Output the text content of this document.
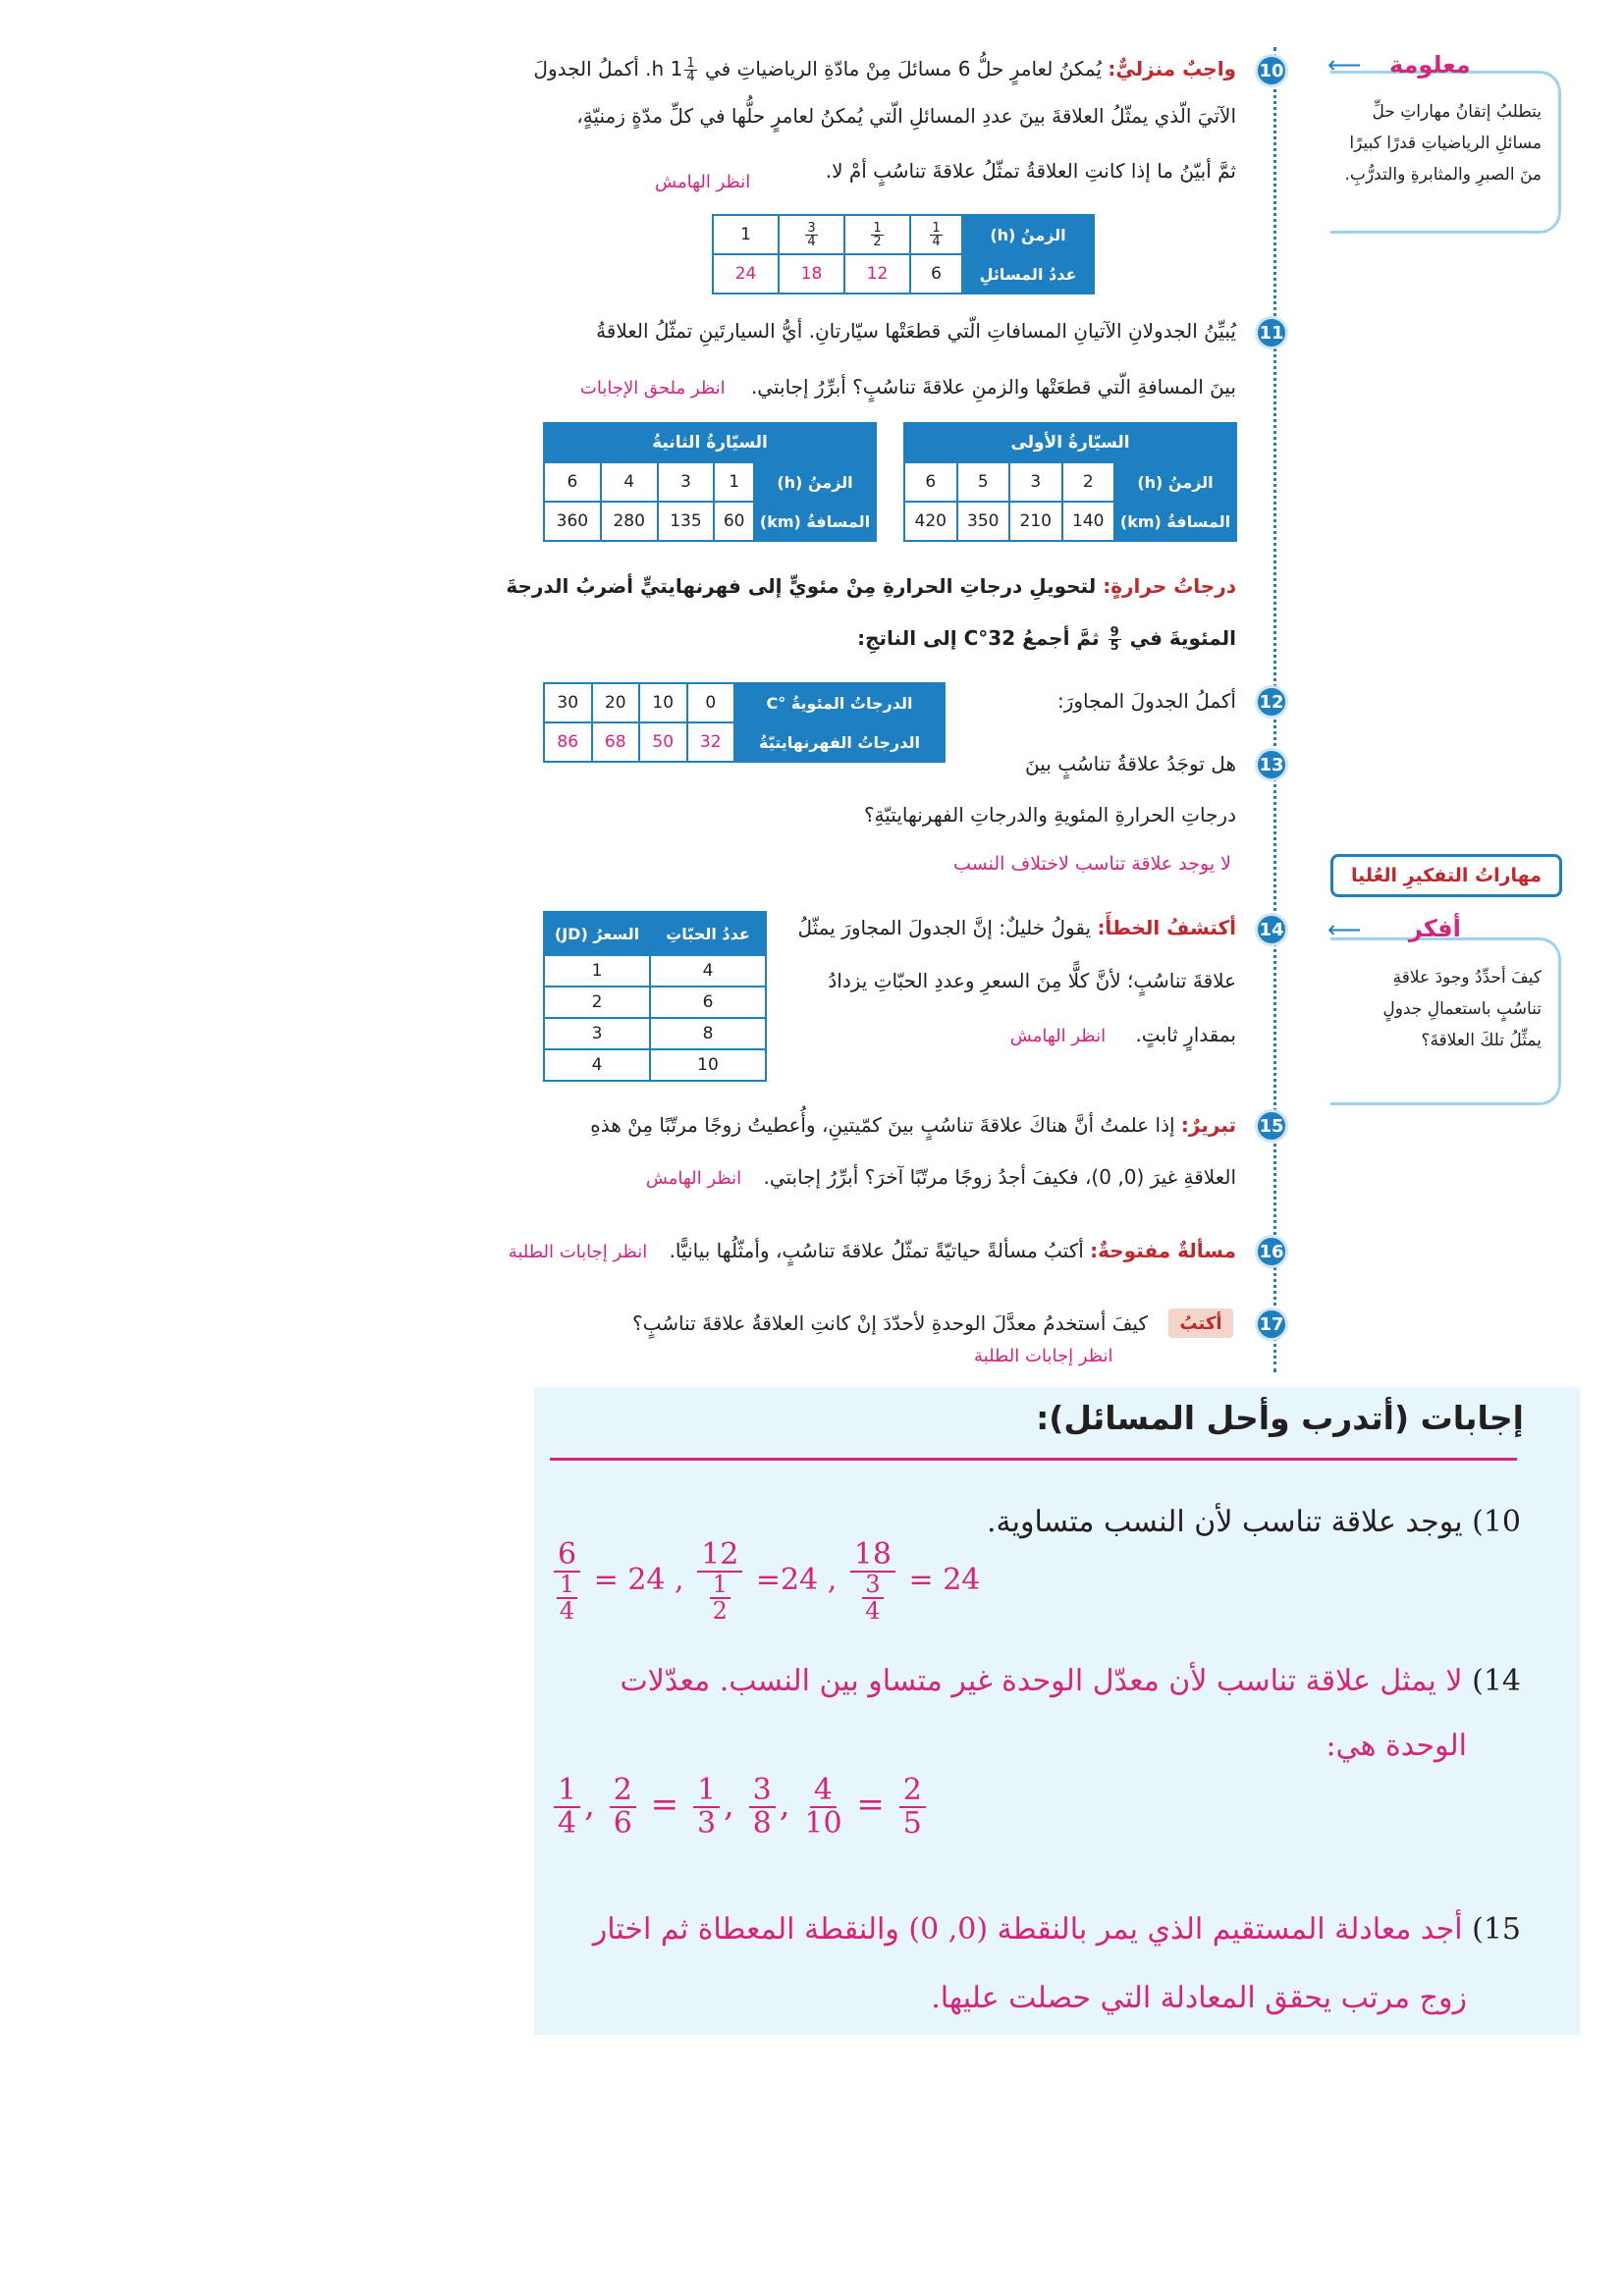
⟵ معلومة
يتطلبُ إتقانُ مهاراتِ حلِّ
مسائلِ الرياضياتِ قدرًا كبيرًا
منَ الصبرِ والمثابرةِ والتدرُّبِ.
مهاراتُ التفكيرِ العُليا
⟵ أفكر
كيفَ أحدِّدُ وجودَ علاقةِ
تناسُبٍ باستعمالِ جدولٍ
يمثِّلُ تلكَ العلاقةَ؟
10
واجبٌ منزليٌّ: يُمكنُ لعامرٍ حلُّ 6 مسائلَ مِنْ مادّةِ الرياضياتِ في
$\frac{1}{4}$
1 h. أكملُ الجدولَ
الآتيَ الّذي يمثّلُ العلاقةَ بينَ عددِ المسائلِ الّتي يُمكنُ لعامرٍ حلُّها في كلِّ مدّةٍ زمنيّةٍ،
ثمَّ أبيّنُ ما إذا كانتِ العلاقةُ تمثّلُ علاقةَ تناسُبٍ أمْ لا.
انظر الهامش
الزمنُ (h)	$\frac{1}{4}$	$\frac{1}{2}$	$\frac{3}{4}$	1
عددُ المسائلِ	6	12	18	24
11
يُبيِّنُ الجدولانِ الآتيانِ المسافاتِ الّتي قطعَتْها سيّارتانِ. أيُّ السيارتَينِ تمثّلُ العلاقةُ
بينَ المسافةِ الّتي قطعَتْها والزمنِ علاقةَ تناسُبٍ؟ أبرِّرُ إجابتي. انظر ملحق الإجابات
السيّارةُ الأولى				
الزمنُ (h)	2	3	5	6
المسافةُ (km)	140	210	350	420
السيّارةُ الثانيةُ				
الزمنُ (h)	1	3	4	6
المسافةُ (km)	60	135	280	360
درجاتُ حرارةٍ: لتحويلِ درجاتِ الحرارةِ مِنْ مئويٍّ إلى فهرنهايتيٍّ أضربُ الدرجةَ
المئويةَ في
$\frac{9}{5}$
ثمَّ أجمعُ 32°C إلى الناتجِ:
الدرجاتُ المئويةُ °C	0	10	20	30
الدرجاتُ الفهرنهايتيّةُ	32	50	68	86
12
أكملُ الجدولَ المجاورَ:
13
هل توجَدُ علاقةُ تناسُبٍ بينَ
درجاتِ الحرارةِ المئويةِ والدرجاتِ الفهرنهايتيّةِ؟
لا يوجد علاقة تناسب لاختلاف النسب
14
أكتشفُ الخطأَ: يقولُ خليلٌ: إنَّ الجدولَ المجاورَ يمثّلُ
علاقةَ تناسُبٍ؛ لأنَّ كلًّا مِنَ السعرِ وعددِ الحبّاتِ يزدادُ
بمقدارٍ ثابتٍ. انظر الهامش
عددُ الحبّاتِ	السعرُ (JD)
4	1
6	2
8	3
10	4
15
تبريرٌ: إذا علمتُ أنَّ هناكَ علاقةَ تناسُبٍ بينَ كمّيتينِ، وأُعطيتُ زوجًا مرتّبًا مِنْ هذهِ
العلاقةِ غيرَ (0, 0)، فكيفَ أجدُ زوجًا مرتّبًا آخرَ؟ أبرِّرُ إجابتي. انظر الهامش
16
مسألةٌ مفتوحةٌ: أكتبُ مسألةً حياتيّةً تمثّلُ علاقةَ تناسُبٍ، وأمثّلُها بيانيًّا. انظر إجابات الطلبة
17
أكتبُ
كيفَ أستخدمُ معدَّلَ الوحدةِ لأحدّدَ إنْ كانتِ العلاقةُ علاقةَ تناسُبٍ؟
انظر إجابات الطلبة
إجابات (أتدرب وأحل المسائل):
10) يوجد علاقة تناسب لأن النسب متساوية.
6
1
4
= 24 ,
12
1
2
=24 ,
18
3
4
= 24
14) لا يمثل علاقة تناسب لأن معدّل الوحدة غير متساو بين النسب. معدّلات
الوحدة هي:
$\frac{1}{4}$ , $\frac{2}{6} = \frac{1}{3}$ , $\frac{3}{8}$ , $\frac{4}{10} = \frac{2}{5}$
15) أجد معادلة المستقيم الذي يمر بالنقطة (0, 0) والنقطة المعطاة ثم اختار
زوج مرتب يحقق المعادلة التي حصلت عليها.
